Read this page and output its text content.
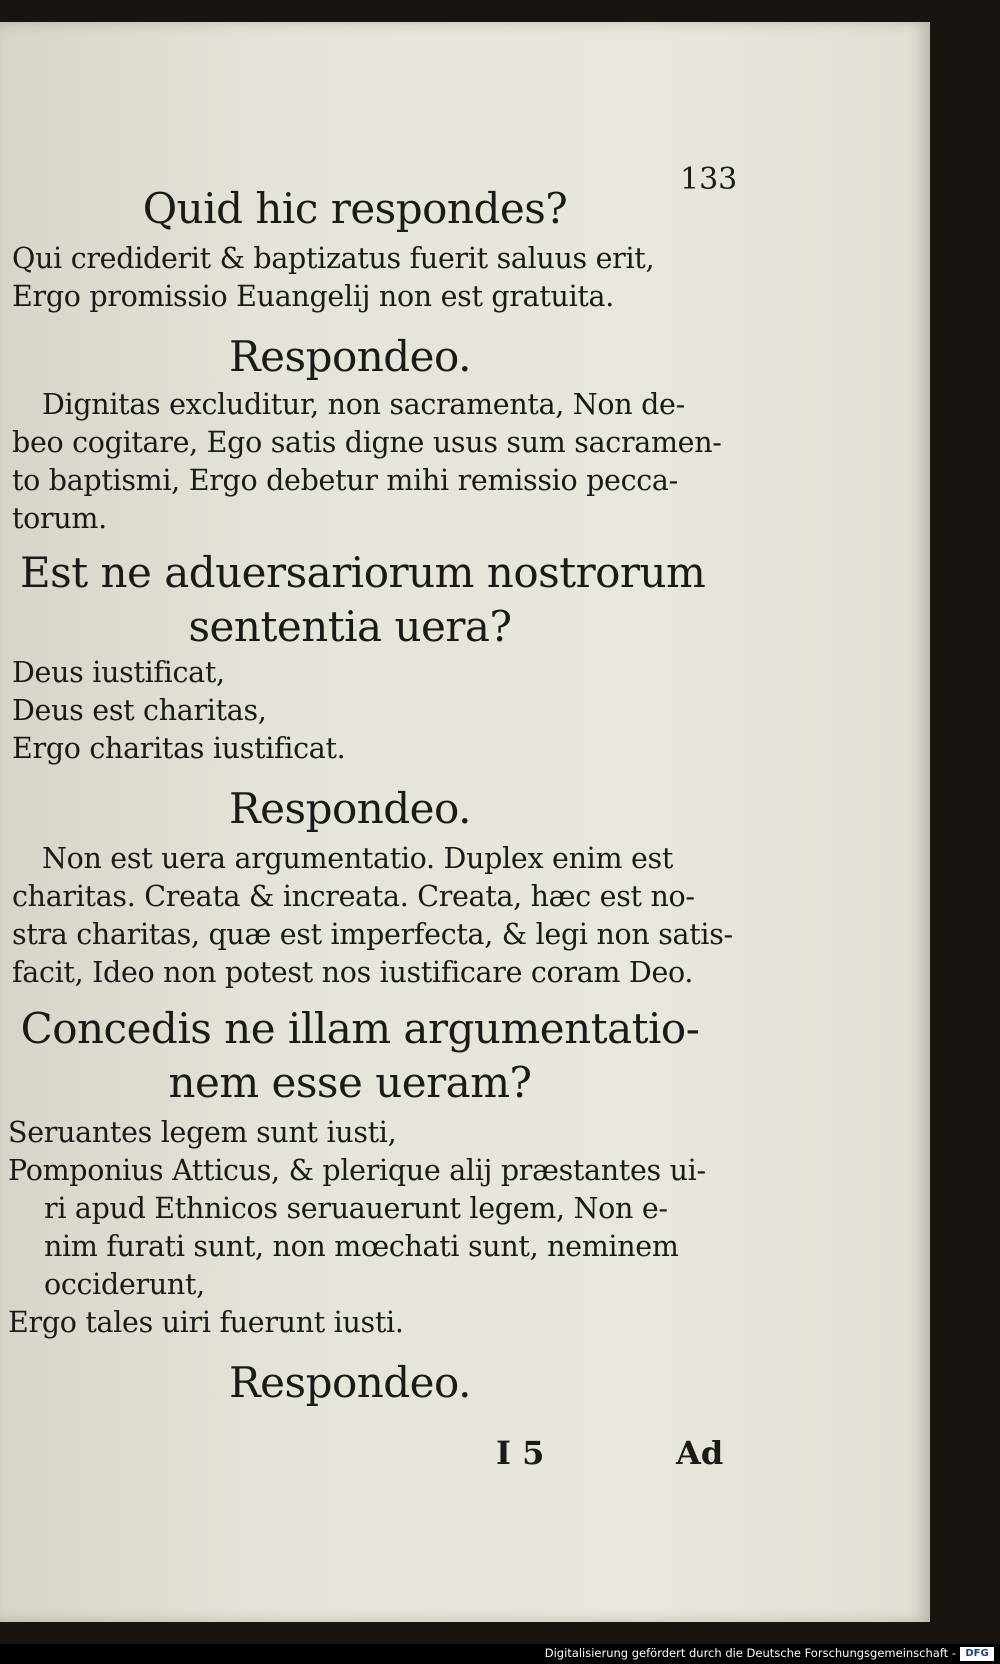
133
Quid hic respondes?
Qui crediderit & baptizatus fuerit saluus erit,
Ergo promissio Euangelij non est gratuita.
Respondeo.
Dignitas excluditur, non sacramenta, Non de-
beo cogitare, Ego satis digne usus sum sacramen-
to baptismi, Ergo debetur mihi remissio pecca-
torum.
Est ne aduersariorum nostrorum
sententia uera?
Deus iustificat,
Deus est charitas,
Ergo charitas iustificat.
Respondeo.
Non est uera argumentatio. Duplex enim est
charitas. Creata & increata. Creata, hæc est no-
stra charitas, quæ est imperfecta, & legi non satis-
facit, Ideo non potest nos iustificare coram Deo.
Concedis ne illam argumentatio-
nem esse ueram?
Seruantes legem sunt iusti,
Pomponius Atticus, & plerique alij præstantes ui-
ri apud Ethnicos seruauerunt legem, Non e-
nim furati sunt, non mœchati sunt, neminem
occiderunt,
Ergo tales uiri fuerunt iusti.
Respondeo.
I 5	Ad
Digitalisierung gefördert durch die Deutsche Forschungsgemeinschaft - DFG
